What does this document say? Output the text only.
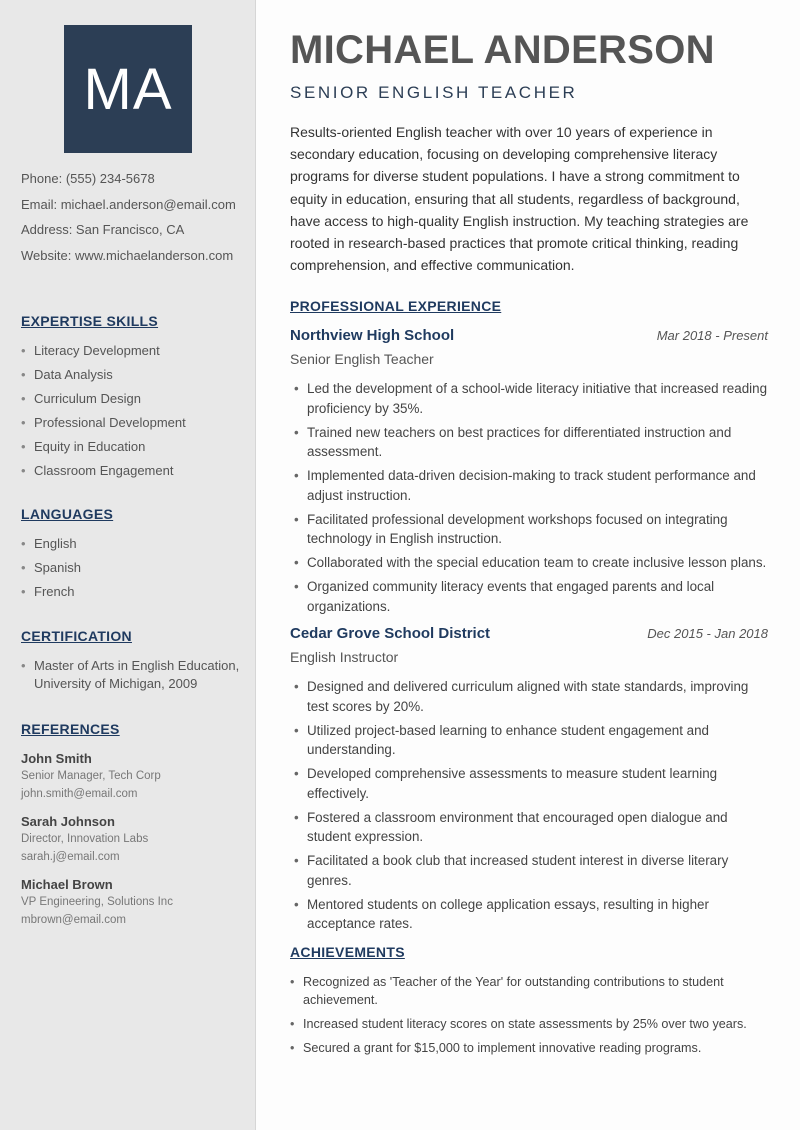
MA
Phone: (555) 234-5678
Email: michael.anderson@email.com
Address: San Francisco, CA
Website: www.michaelanderson.com
EXPERTISE SKILLS
• Literacy Development
• Data Analysis
• Curriculum Design
• Professional Development
• Equity in Education
• Classroom Engagement
LANGUAGES
• English
• Spanish
• French
CERTIFICATION
• Master of Arts in English Education, University of Michigan, 2009
REFERENCES
John Smith
Senior Manager, Tech Corp
john.smith@email.com
Sarah Johnson
Director, Innovation Labs
sarah.j@email.com
Michael Brown
VP Engineering, Solutions Inc
mbrown@email.com
MICHAEL ANDERSON
SENIOR ENGLISH TEACHER
Results-oriented English teacher with over 10 years of experience in secondary education, focusing on developing comprehensive literacy programs for diverse student populations. I have a strong commitment to equity in education, ensuring that all students, regardless of background, have access to high-quality English instruction. My teaching strategies are rooted in research-based practices that promote critical thinking, reading comprehension, and effective communication.
PROFESSIONAL EXPERIENCE
Northview High School	Mar 2018 - Present
Senior English Teacher
• Led the development of a school-wide literacy initiative that increased reading proficiency by 35%.
• Trained new teachers on best practices for differentiated instruction and assessment.
• Implemented data-driven decision-making to track student performance and adjust instruction.
• Facilitated professional development workshops focused on integrating technology in English instruction.
• Collaborated with the special education team to create inclusive lesson plans.
• Organized community literacy events that engaged parents and local organizations.
Cedar Grove School District	Dec 2015 - Jan 2018
English Instructor
• Designed and delivered curriculum aligned with state standards, improving test scores by 20%.
• Utilized project-based learning to enhance student engagement and understanding.
• Developed comprehensive assessments to measure student learning effectively.
• Fostered a classroom environment that encouraged open dialogue and student expression.
• Facilitated a book club that increased student interest in diverse literary genres.
• Mentored students on college application essays, resulting in higher acceptance rates.
ACHIEVEMENTS
• Recognized as 'Teacher of the Year' for outstanding contributions to student achievement.
• Increased student literacy scores on state assessments by 25% over two years.
• Secured a grant for $15,000 to implement innovative reading programs.
